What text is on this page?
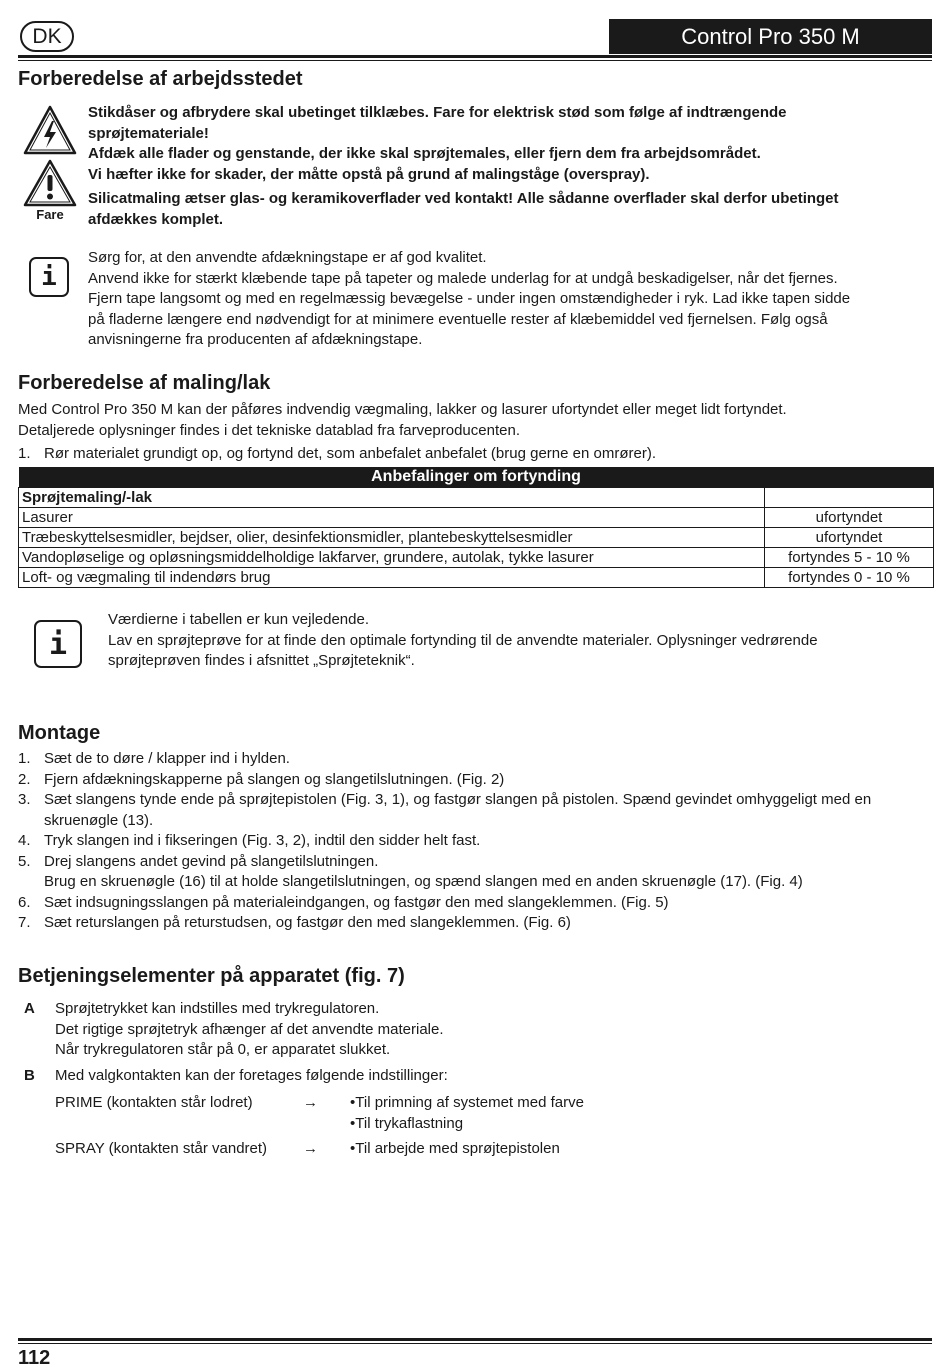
DK	Control Pro 350 M
Forberedelse af arbejdsstedet
Fare
Stikdåser og afbrydere skal ubetinget tilklæbes. Fare for elektrisk stød som følge af indtrængende
sprøjtemateriale!
Afdæk alle flader og genstande, der ikke skal sprøjtemales, eller fjern dem fra arbejdsområdet.
Vi hæfter ikke for skader, der måtte opstå på grund af malingståge (overspray).
Silicatmaling ætser glas- og keramikoverflader ved kontakt! Alle sådanne overflader skal derfor ubetinget
afdækkes komplet.
i
Sørg for, at den anvendte afdækningstape er af god kvalitet.
Anvend ikke for stærkt klæbende tape på tapeter og malede underlag for at undgå beskadigelser, når det fjernes.
Fjern tape langsomt og med en regelmæssig bevægelse - under ingen omstændigheder i ryk. Lad ikke tapen sidde
på fladerne længere end nødvendigt for at minimere eventuelle rester af klæbemiddel ved fjernelsen. Følg også
anvisningerne fra producenten af afdækningstape.
Forberedelse af maling/lak
Med Control Pro 350 M kan der påføres indvendig vægmaling, lakker og lasurer ufortyndet eller meget lidt fortyndet.
Detaljerede oplysninger findes i det tekniske datablad fra farveproducenten.
1. Rør materialet grundigt op, og fortynd det, som anbefalet anbefalet (brug gerne en omrører).
Anbefalinger om fortynding	
Sprøjtemaling/-lak	
Lasurer	ufortyndet
Træbeskyttelsesmidler, bejdser, olier, desinfektionsmidler, plantebeskyttelsesmidler	ufortyndet
Vandopløselige og opløsningsmiddelholdige lakfarver, grundere, autolak, tykke lasurer	fortyndes 5 - 10 %
Loft- og vægmaling til indendørs brug	fortyndes 0 - 10 %
i
Værdierne i tabellen er kun vejledende.
Lav en sprøjteprøve for at finde den optimale fortynding til de anvendte materialer. Oplysninger vedrørende
sprøjteprøven findes i afsnittet „Sprøjteteknik“.
Montage
1. Sæt de to døre / klapper ind i hylden.
2. Fjern afdækningskapperne på slangen og slangetilslutningen. (Fig. 2)
3. Sæt slangens tynde ende på sprøjtepistolen (Fig. 3, 1), og fastgør slangen på pistolen. Spænd gevindet omhyggeligt med en
skruenøgle (13).
4. Tryk slangen ind i fikseringen (Fig. 3, 2), indtil den sidder helt fast.
5. Drej slangens andet gevind på slangetilslutningen.
Brug en skruenøgle (16) til at holde slangetilslutningen, og spænd slangen med en anden skruenøgle (17). (Fig. 4)
6. Sæt indsugningsslangen på materialeindgangen, og fastgør den med slangeklemmen. (Fig. 5)
7. Sæt returslangen på returstudsen, og fastgør den med slangeklemmen. (Fig. 6)
Betjeningselementer på apparatet (fig. 7)
A Sprøjtetrykket kan indstilles med trykregulatoren.
Det rigtige sprøjtetryk afhænger af det anvendte materiale.
Når trykregulatoren står på 0, er apparatet slukket.
B Med valgkontakten kan der foretages følgende indstillinger:
PRIME (kontakten står lodret)	→ •Til primning af systemet med farve
•Til trykaflastning
SPRAY (kontakten står vandret) → •Til arbejde med sprøjtepistolen
112
